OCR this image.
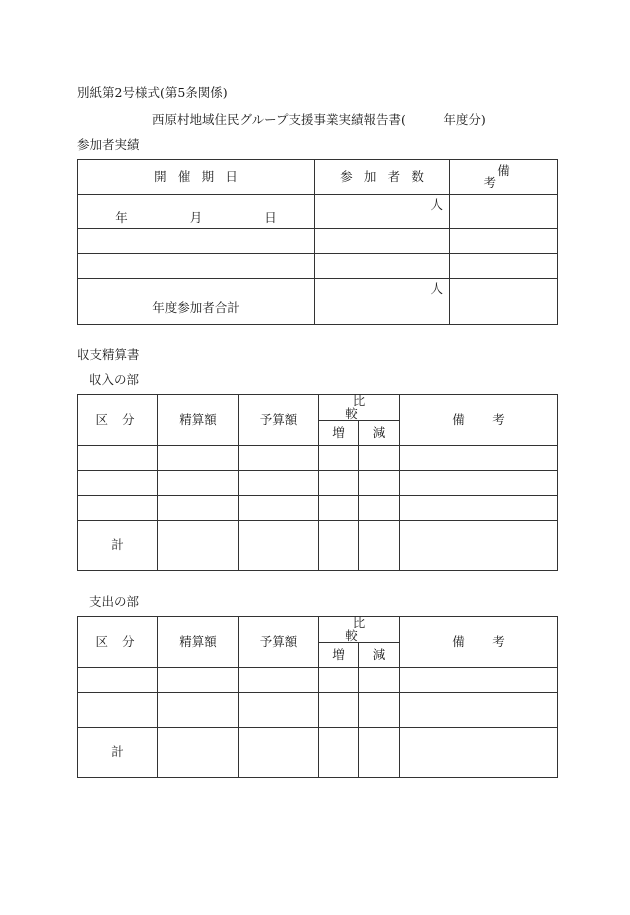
別紙第2号様式(第5条関係)
西原村地域住民グループ支援事業実績報告書(　　　年度分)
参加者実績
開催期日	参加者数	備考

年 月 日	人	

年度参加者合計	人	

収支精算書
収入の部
区 分	精算額	予算額	比 較		備考
			増	減	

計					
支出の部
区 分	精算額	予算額	比 較		備考
			増	減	

計					
